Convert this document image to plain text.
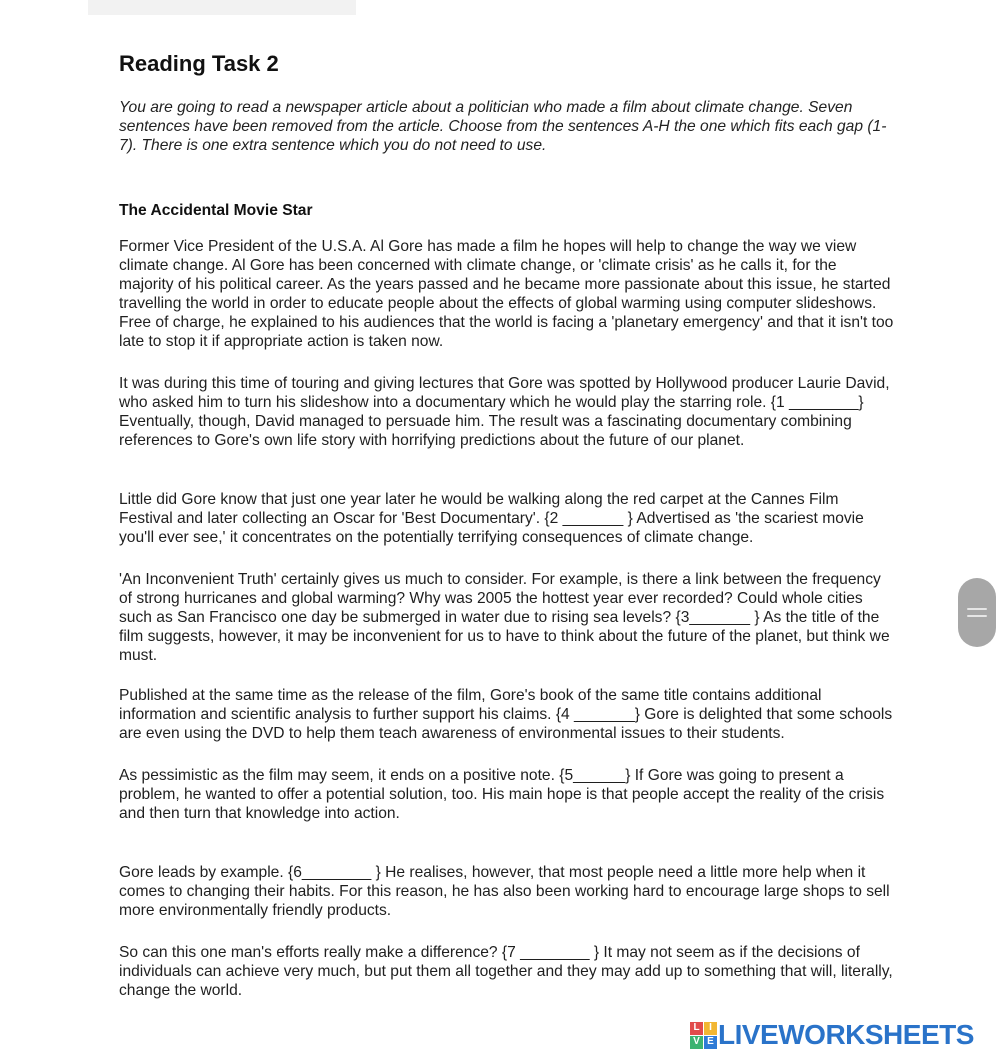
Reading Task 2

You are going to read a newspaper article about a politician who made a film about climate change. Seven sentences have been removed from the article. Choose from the sentences A-H the one which fits each gap (1-7). There is one extra sentence which you do not need to use.

The Accidental Movie Star

Former Vice President of the U.S.A. Al Gore has made a film he hopes will help to change the way we view climate change. Al Gore has been concerned with climate change, or 'climate crisis' as he calls it, for the majority of his political career. As the years passed and he became more passionate about this issue, he started travelling the world in order to educate people about the effects of global warming using computer slideshows. Free of charge, he explained to his audiences that the world is facing a 'planetary emergency' and that it isn't too late to stop it if appropriate action is taken now.

It was during this time of touring and giving lectures that Gore was spotted by Hollywood producer Laurie David, who asked him to turn his slideshow into a documentary which he would play the starring role. {1 ________} Eventually, though, David managed to persuade him. The result was a fascinating documentary combining references to Gore's own life story with horrifying predictions about the future of our planet.

Little did Gore know that just one year later he would be walking along the red carpet at the Cannes Film Festival and later collecting an Oscar for 'Best Documentary'. {2 _______ } Advertised as 'the scariest movie you'll ever see,' it concentrates on the potentially terrifying consequences of climate change.

'An Inconvenient Truth' certainly gives us much to consider. For example, is there a link between the frequency of strong hurricanes and global warming? Why was 2005 the hottest year ever recorded? Could whole cities such as San Francisco one day be submerged in water due to rising sea levels? {3_______ } As the title of the film suggests, however, it may be inconvenient for us to have to think about the future of the planet, but think we must.

Published at the same time as the release of the film, Gore's book of the same title contains additional information and scientific analysis to further support his claims. {4 _______} Gore is delighted that some schools are even using the DVD to help them teach awareness of environmental issues to their students.

As pessimistic as the film may seem, it ends on a positive note. {5______} If Gore was going to present a problem, he wanted to offer a potential solution, too. His main hope is that people accept the reality of the crisis and then turn that knowledge into action.

Gore leads by example. {6________ } He realises, however, that most people need a little more help when it comes to changing their habits. For this reason, he has also been working hard to encourage large shops to sell more environmentally friendly products.

So can this one man's efforts really make a difference? {7 ________ } It may not seem as if the decisions of individuals can achieve very much, but put them all together and they may add up to something that will, literally, change the world.

L I
V E LIVEWORKSHEETS
